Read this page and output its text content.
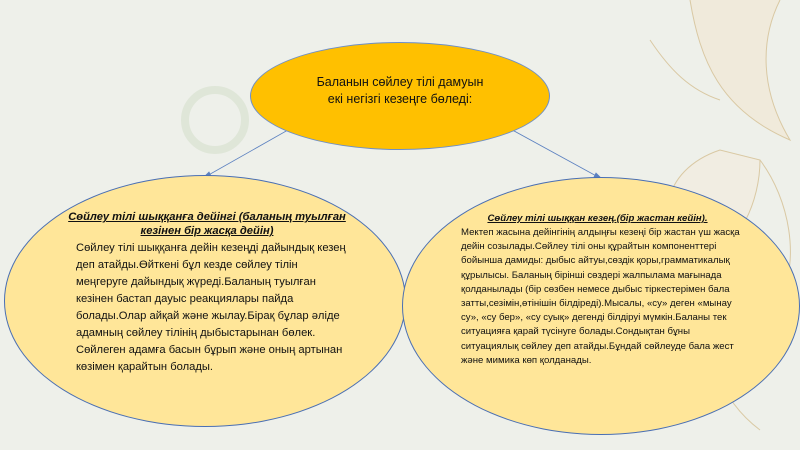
Баланын сөйлеу тілі дамуын
екі негізгі кезеңге бөледі:
Сөйлеу тілі шыққанға дейінгі (баланың туылған кезінен бір жасқа дейін)
Сөйлеу тілі шыққанға дейін кезеңді дайындық кезең деп атайды.Өйткені бұл кезде сөйлеу тілін меңгеруге дайындық жүреді.Баланың туылған кезінен бастап дауыс реакциялары пайда болады.Олар айқай және жылау.Бірақ бұлар әліде адамның сөйлеу тілінің дыбыстарынан бөлек.
Сөйлеген адамға басын бұрып және оның артынан көзімен қарайтын болады.
Сөйлеу тілі шыққан кезең.(бір жастан кейін).
Мектеп жасына дейінгінің алдыңғы кезеңі бір жастан үш жасқа дейін созылады.Сөйлеу тілі оны құрайтын компоненттері бойынша дамиды: дыбыс айтуы,сөздік қоры,грамматикалық құрылысы. Баланың бірінші сөздері жалпылама мағынада қолданылады (бір сөзбен немесе дыбыс тіркестерімен бала затты,сезімін,өтінішін білдіреді).Мысалы, «су» деген «мынау су», «су бер», «су суық» дегенді білдіруі мүмкін.Баланы тек ситуацияға қарай түсінуге болады.Сондықтан бұны ситуациялық сөйлеу деп атайды.Бұндай сөйлеуде бала жест және мимика көп қолданады.
